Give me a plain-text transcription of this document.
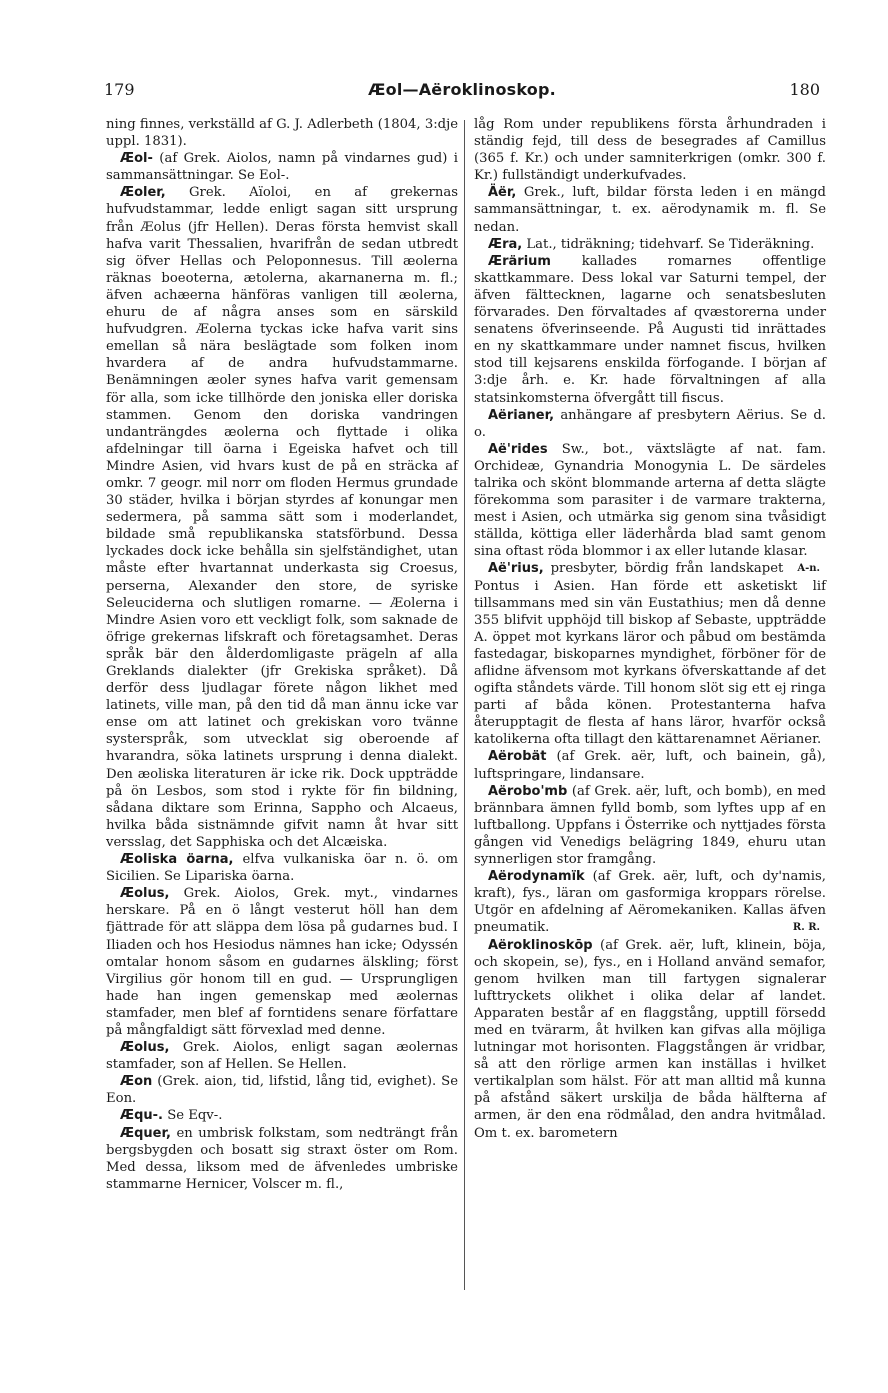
179	Æol—Aëroklinoskop.	180

ning finnes, verkställd af G. J. Adlerbeth (1804, 3:dje uppl. 1831).

Æol- (af Grek. Aiolos, namn på vindarnes gud) i sammansättningar. Se Eol-.

Æoler, Grek. Aïoloi, en af grekernas hufvudstammar, ledde enligt sagan sitt ursprung från Æolus (jfr Hellen). Deras första hemvist skall hafva varit Thessalien, hvarifrån de sedan utbredt sig öfver Hellas och Peloponnesus. Till æolerna räknas boeoterna, ætolerna, akarnanerna m. fl.; äfven achæerna hänföras vanligen till æolerna, ehuru de af några anses som en särskild hufvudgren. Æolerna tyckas icke hafva varit sins emellan så nära beslägtade som folken inom hvardera af de andra hufvudstammarne. Benämningen æoler synes hafva varit gemensam för alla, som icke tillhörde den joniska eller doriska stammen. Genom den doriska vandringen undanträngdes æolerna och flyttade i olika afdelningar till öarna i Egeiska hafvet och till Mindre Asien, vid hvars kust de på en sträcka af omkr. 7 geogr. mil norr om floden Hermus grundade 30 städer, hvilka i början styrdes af konungar men sedermera, på samma sätt som i moderlandet, bildade små republikanska statsförbund. Dessa lyckades dock icke behålla sin sjelfständighet, utan måste efter hvartannat underkasta sig Croesus, perserna, Alexander den store, de syriske Seleuciderna och slutligen romarne. — Æolerna i Mindre Asien voro ett veckligt folk, som saknade de öfrige grekernas lifskraft och företagsamhet. Deras språk bär den ålderdomligaste prägeln af alla Greklands dialekter (jfr Grekiska språket). Då derför dess ljudlagar förete någon likhet med latinets, ville man, på den tid då man ännu icke var ense om att latinet och grekiskan voro tvänne systerspråk, som utvecklat sig oberoende af hvarandra, söka latinets ursprung i denna dialekt. Den æoliska literaturen är icke rik. Dock uppträdde på ön Lesbos, som stod i rykte för fin bildning, sådana diktare som Erinna, Sappho och Alcaeus, hvilka båda sistnämnde gifvit namn åt hvar sitt versslag, det Sapphiska och det Alcæiska.

Æoliska öarna, elfva vulkaniska öar n. ö. om Sicilien. Se Lipariska öarna.

Æolus, Grek. Aiolos, Grek. myt., vindarnes herskare. På en ö långt vesterut höll han dem fjättrade för att släppa dem lösa på gudarnes bud. I Iliaden och hos Hesiodus nämnes han icke; Odyssén omtalar honom såsom en gudarnes älskling; först Virgilius gör honom till en gud. — Ursprungligen hade han ingen gemenskap med æolernas stamfader, men blef af forntidens senare författare på mångfaldigt sätt förvexlad med denne.

Æolus, Grek. Aiolos, enligt sagan æolernas stamfader, son af Hellen. Se Hellen.

Æon (Grek. aion, tid, lifstid, lång tid, evighet). Se Eon.

Æqu-. Se Eqv-.

Æquer, en umbrisk folkstam, som nedträngt från bergsbygden och bosatt sig straxt öster om Rom. Med dessa, liksom med de äfvenledes umbriske stammarne Hernicer, Volscer m. fl.,

låg Rom under republikens första århundraden i ständig fejd, till dess de besegrades af Camillus (365 f. Kr.) och under samniterkrigen (omkr. 300 f. Kr.) fullständigt underkufvades.

Äër, Grek., luft, bildar första leden i en mängd sammansättningar, t. ex. aërodynamik m. fl. Se nedan.

Æra, Lat., tidräkning; tidehvarf. Se Tideräkning.

Ærärium kallades romarnes offentlige skattkammare. Dess lokal var Saturni tempel, der äfven fälttecknen, lagarne och senatsbesluten förvarades. Den förvaltades af qvæstorerna under senatens öfverinseende. På Augusti tid inrättades en ny skattkammare under namnet fiscus, hvilken stod till kejsarens enskilda förfogande. I början af 3:dje årh. e. Kr. hade förvaltningen af alla statsinkomsterna öfvergått till fiscus.

Aërianer, anhängare af presbytern Aërius. Se d. o.

Aë'rides Sw., bot., växtslägte af nat. fam. Orchideæ, Gynandria Monogynia L. De särdeles talrika och skönt blommande arterna af detta slägte förekomma som parasiter i de varmare trakterna, mest i Asien, och utmärka sig genom sina tvåsidigt ställda, köttiga eller läderhårda blad samt genom sina oftast röda blommor i ax eller lutande klasar.
A-n.

Aë'rius, presbyter, bördig från landskapet Pontus i Asien. Han förde ett asketiskt lif tillsammans med sin vän Eustathius; men då denne 355 blifvit upphöjd till biskop af Sebaste, uppträdde A. öppet mot kyrkans läror och påbud om bestämda fastedagar, biskoparnes myndighet, förböner för de aflidne äfvensom mot kyrkans öfverskattande af det ogifta ståndets värde. Till honom slöt sig ett ej ringa parti af båda könen. Protestanterna hafva återupptagit de flesta af hans läror, hvarför också katolikerna ofta tillagt den kättarenamnet Aërianer.

Aërobät (af Grek. aër, luft, och bainein, gå), luftspringare, lindansare.

Aërobo'mb (af Grek. aër, luft, och bomb), en med brännbara ämnen fylld bomb, som lyftes upp af en luftballong. Uppfans i Österrike och nyttjades första gången vid Venedigs belägring 1849, ehuru utan synnerligen stor framgång.

Aërodynamïk (af Grek. aër, luft, och dy'namis, kraft), fys., läran om gasformiga kroppars rörelse. Utgör en afdelning af Aëromekaniken. Kallas äfven pneumatik.	R. R.

Aëroklinoskōp (af Grek. aër, luft, klinein, böja, och skopein, se), fys., en i Holland använd semafor, genom hvilken man till fartygen signalerar lufttryckets olikhet i olika delar af landet. Apparaten består af en flaggstång, upptill försedd med en tvärarm, åt hvilken kan gifvas alla möjliga lutningar mot horisonten. Flaggstången är vridbar, så att den rörlige armen kan inställas i hvilket vertikalplan som hälst. För att man alltid må kunna på afstånd säkert urskilja de båda hälfterna af armen, är den ena rödmålad, den andra hvitmålad. Om t. ex. barometern
